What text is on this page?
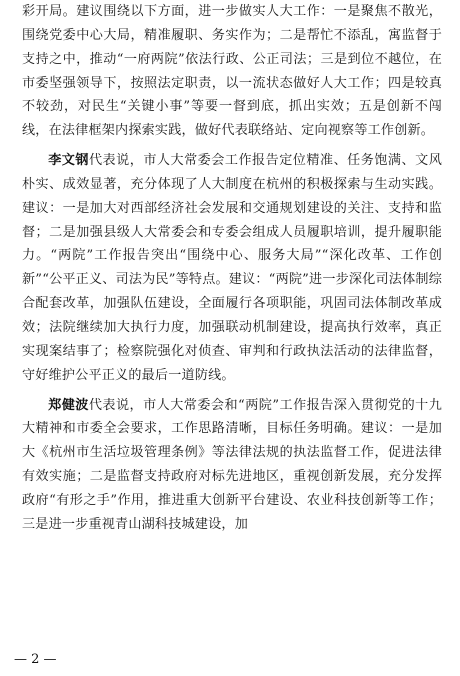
彩开局。建议围绕以下方面，进一步做实人大工作：一是聚焦不散光，围绕党委中心大局，精准履职、务实作为；二是帮忙不添乱，寓监督于支持之中，推动“一府两院”依法行政、公正司法；三是到位不越位，在市委坚强领导下，按照法定职责，以一流状态做好人大工作；四是较真不较劲，对民生“关键小事”等要一督到底，抓出实效；五是创新不闯线，在法律框架内探索实践，做好代表联络站、定向视察等工作创新。

李文钢代表说，市人大常委会工作报告定位精准、任务饱满、文风朴实、成效显著，充分体现了人大制度在杭州的积极探索与生动实践。建议：一是加大对西部经济社会发展和交通规划建设的关注、支持和监督；二是加强县级人大常委会和专委会组成人员履职培训，提升履职能力。“两院”工作报告突出“围绕中心、服务大局”“深化改革、工作创新”“公平正义、司法为民”等特点。建议：“两院”进一步深化司法体制综合配套改革，加强队伍建设，全面履行各项职能，巩固司法体制改革成效；法院继续加大执行力度，加强联动机制建设，提高执行效率，真正实现案结事了；检察院强化对侦查、审判和行政执法活动的法律监督，守好维护公平正义的最后一道防线。

郑健波代表说，市人大常委会和“两院”工作报告深入贯彻党的十九大精神和市委全会要求，工作思路清晰，目标任务明确。建议：一是加大《杭州市生活垃圾管理条例》等法律法规的执法监督工作，促进法律有效实施；二是监督支持政府对标先进地区，重视创新发展，充分发挥政府“有形之手”作用，推进重大创新平台建设、农业科技创新等工作；三是进一步重视青山湖科技城建设，加

— 2 —
